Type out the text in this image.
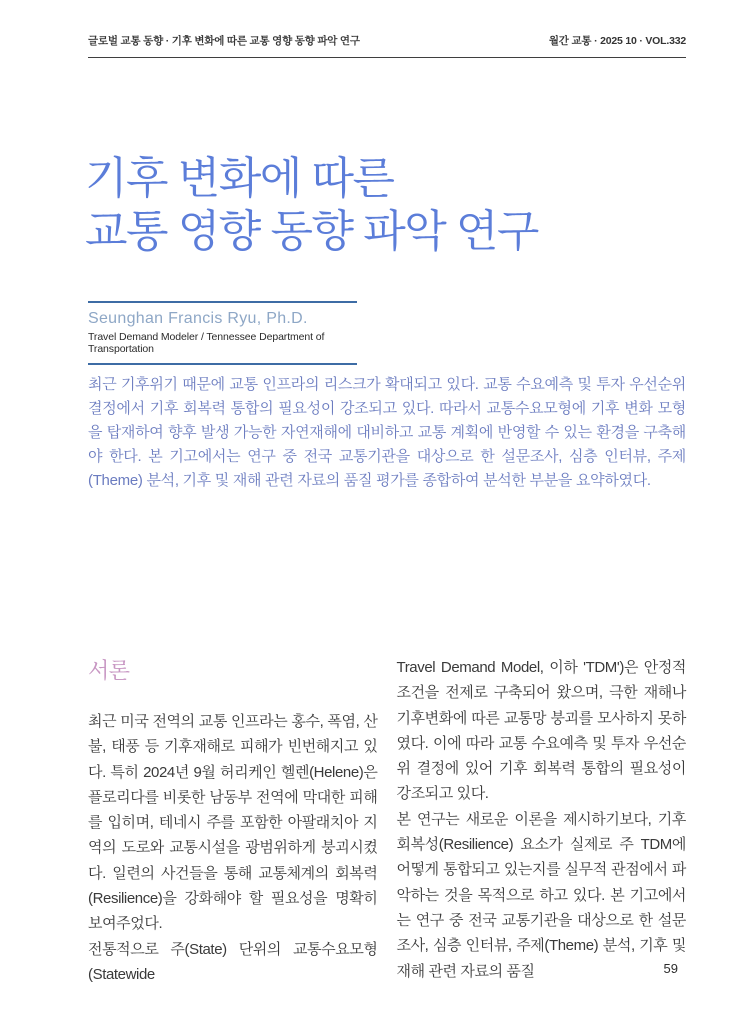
글로벌 교통 동향 · 기후 변화에 따른 교통 영향 동향 파악 연구	월간 교통 · 2025 10 · VOL.332
기후 변화에 따른
교통 영향 동향 파악 연구
Seunghan Francis Ryu, Ph.D.
Travel Demand Modeler / Tennessee Department of Transportation
최근 기후위기 때문에 교통 인프라의 리스크가 확대되고 있다. 교통 수요예측 및 투자 우선순위 결정에서 기후 회복력 통합의 필요성이 강조되고 있다. 따라서 교통수요모형에 기후 변화 모형을 탑재하여 향후 발생 가능한 자연재해에 대비하고 교통 계획에 반영할 수 있는 환경을 구축해야 한다. 본 기고에서는 연구 중 전국 교통기관을 대상으로 한 설문조사, 심층 인터뷰, 주제(Theme) 분석, 기후 및 재해 관련 자료의 품질 평가를 종합하여 분석한 부분을 요약하였다.
서론

최근 미국 전역의 교통 인프라는 홍수, 폭염, 산불, 태풍 등 기후재해로 피해가 빈번해지고 있다. 특히 2024년 9월 허리케인 헬렌(Helene)은 플로리다를 비롯한 남동부 전역에 막대한 피해를 입히며, 테네시 주를 포함한 아팔래치아 지역의 도로와 교통시설을 광범위하게 붕괴시켰다. 일련의 사건들을 통해 교통체계의 회복력(Resilience)을 강화해야 할 필요성을 명확히 보여주었다.

전통적으로 주(State) 단위의 교통수요모형(Statewide

Travel Demand Model, 이하 'TDM')은 안정적 조건을 전제로 구축되어 왔으며, 극한 재해나 기후변화에 따른 교통망 붕괴를 모사하지 못하였다. 이에 따라 교통 수요예측 및 투자 우선순위 결정에 있어 기후 회복력 통합의 필요성이 강조되고 있다.

본 연구는 새로운 이론을 제시하기보다, 기후회복성(Resilience) 요소가 실제로 주 TDM에 어떻게 통합되고 있는지를 실무적 관점에서 파악하는 것을 목적으로 하고 있다. 본 기고에서는 연구 중 전국 교통기관을 대상으로 한 설문조사, 심층 인터뷰, 주제(Theme) 분석, 기후 및 재해 관련 자료의 품질	59
